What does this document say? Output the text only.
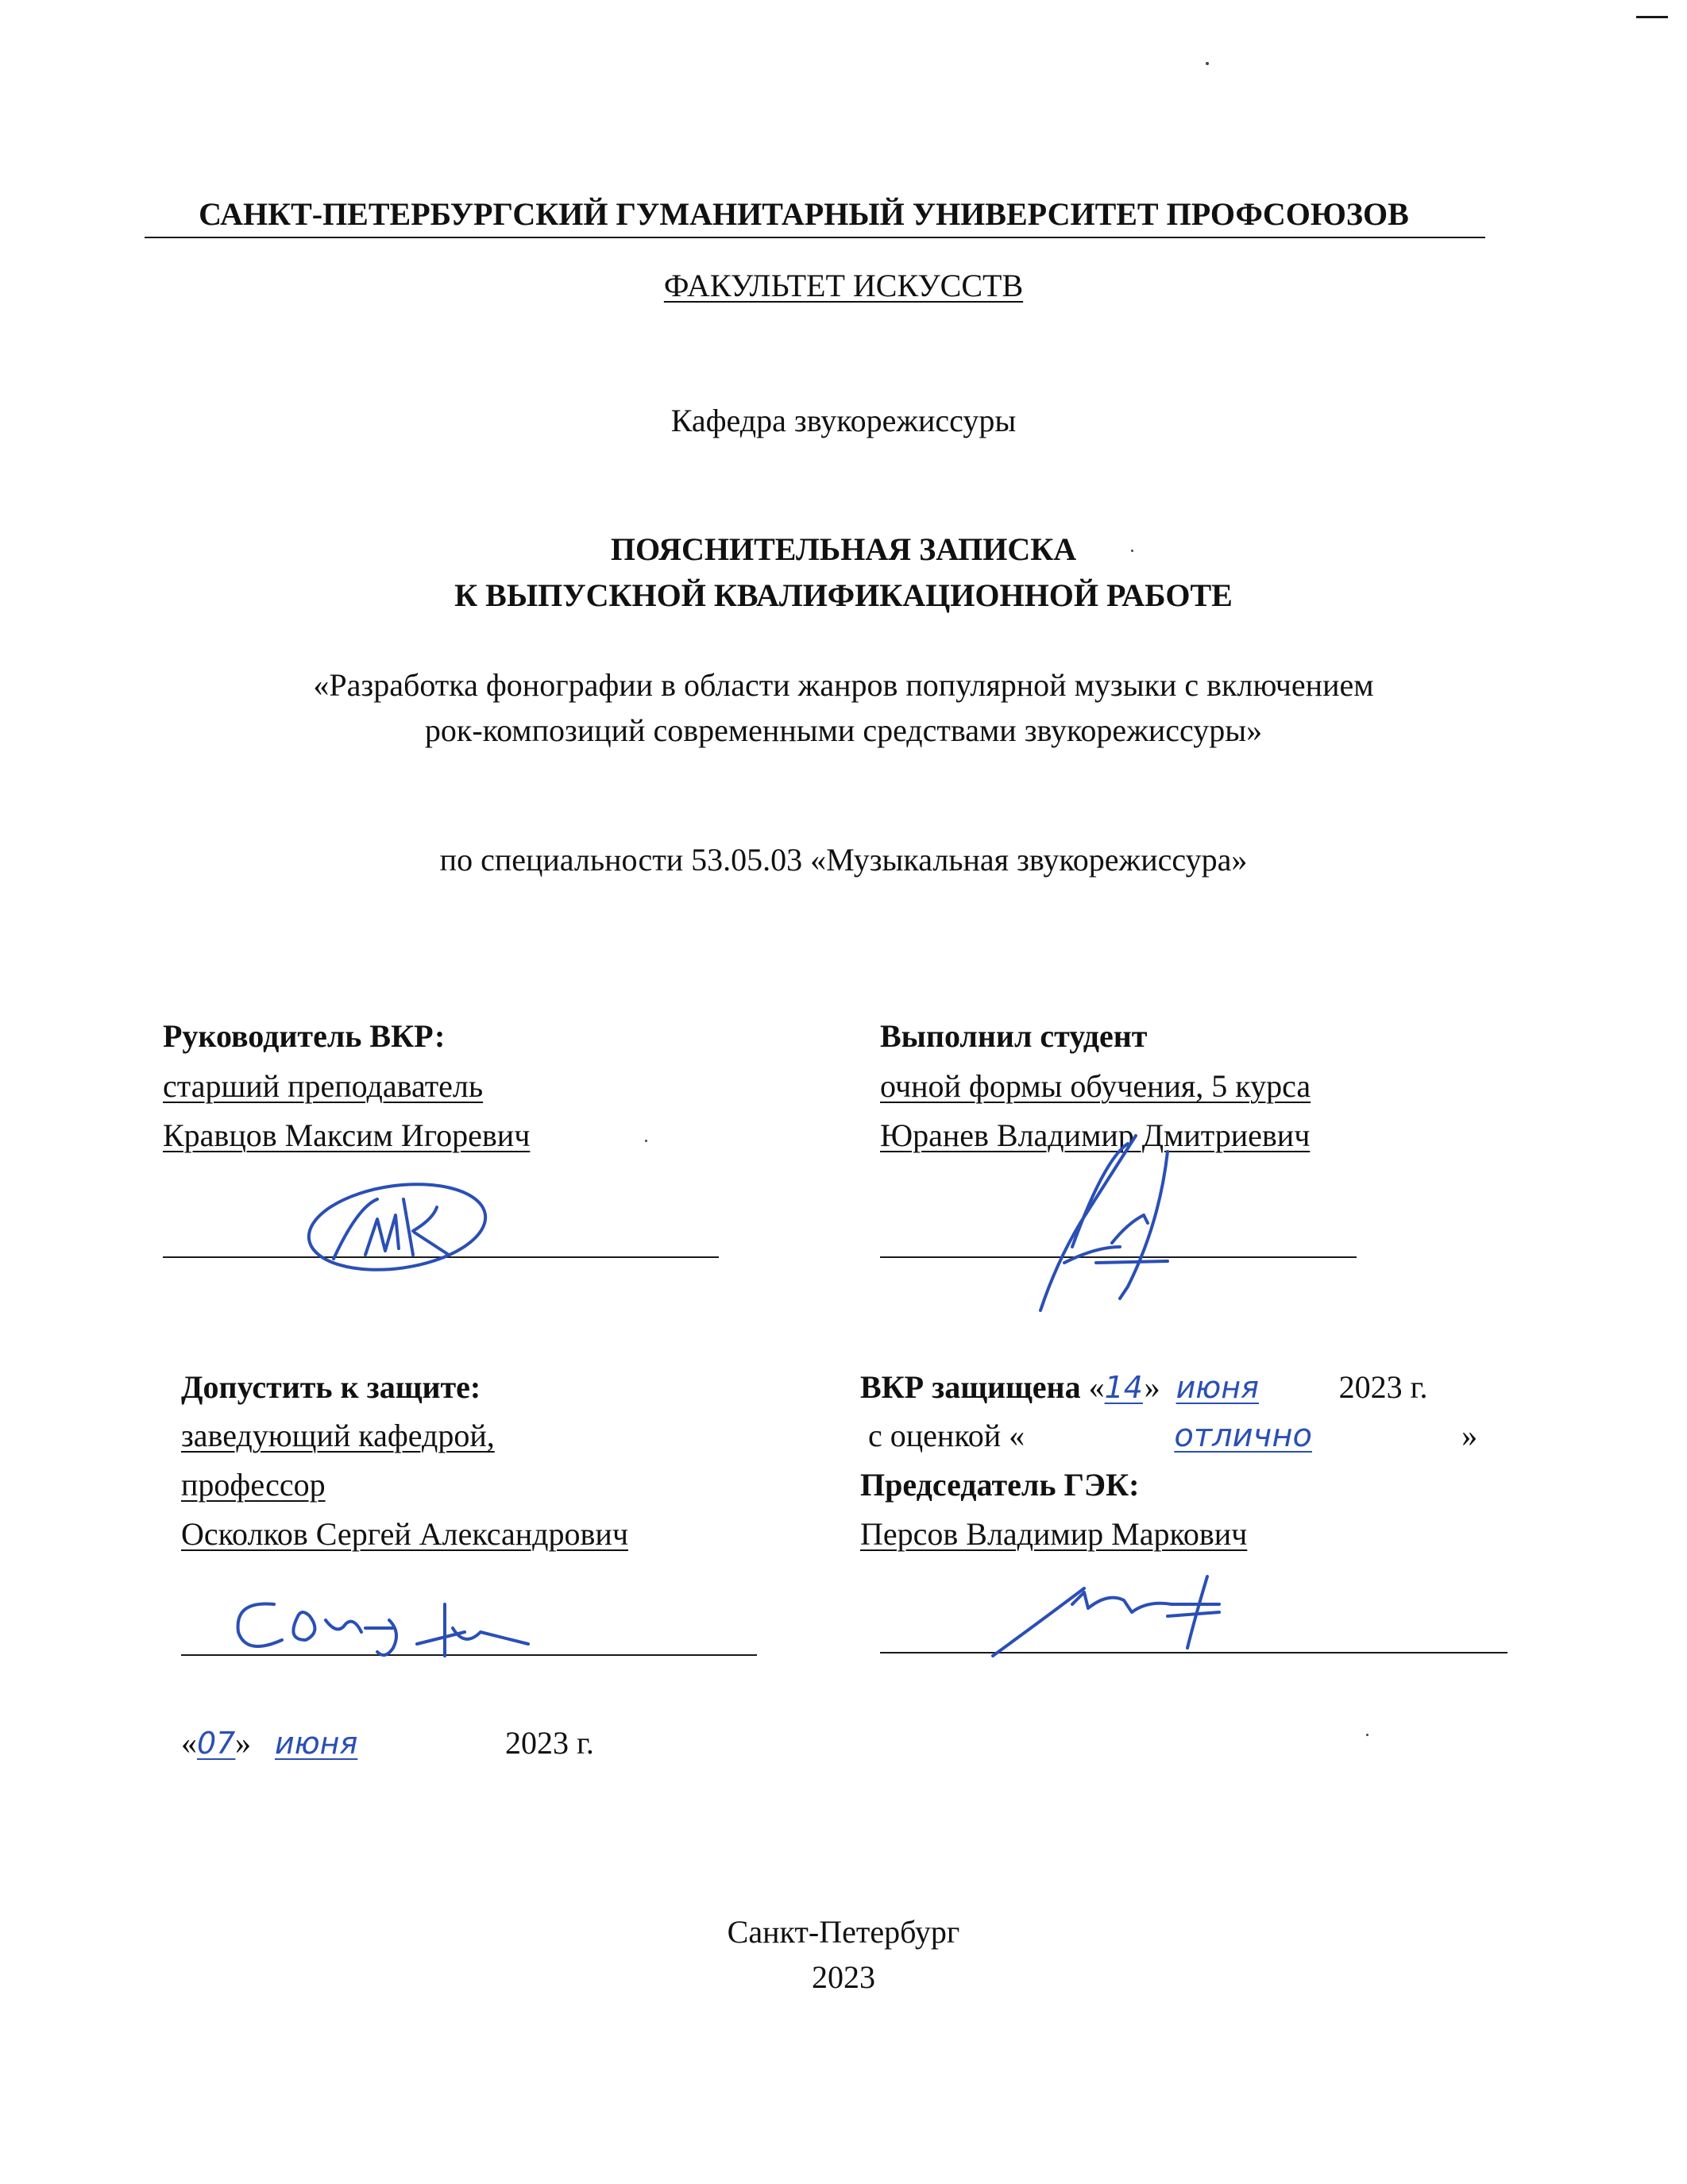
САНКТ-ПЕТЕРБУРГСКИЙ ГУМАНИТАРНЫЙ УНИВЕРСИТЕТ ПРОФСОЮЗОВ
ФАКУЛЬТЕТ ИСКУССТВ
Кафедра звукорежиссуры
ПОЯСНИТЕЛЬНАЯ ЗАПИСКА
К ВЫПУСКНОЙ КВАЛИФИКАЦИОННОЙ РАБОТЕ
«Разработка фонографии в области жанров популярной музыки с включением
рок-композиций современными средствами звукорежиссуры»
по специальности 53.05.03 «Музыкальная звукорежиссура»
Руководитель ВКР:
старший преподаватель
Кравцов Максим Игоревич
Выполнил студент
очной формы обучения, 5 курса
Юранев Владимир Дмитриевич
Допустить к защите:
заведующий кафедрой,
профессор
Осколков Сергей Александрович
«07» июня	2023 г.
ВКР защищена «14» июня	2023 г.
с оценкой «	отлично	»
Председатель ГЭК:
Персов Владимир Маркович
Санкт-Петербург
2023
